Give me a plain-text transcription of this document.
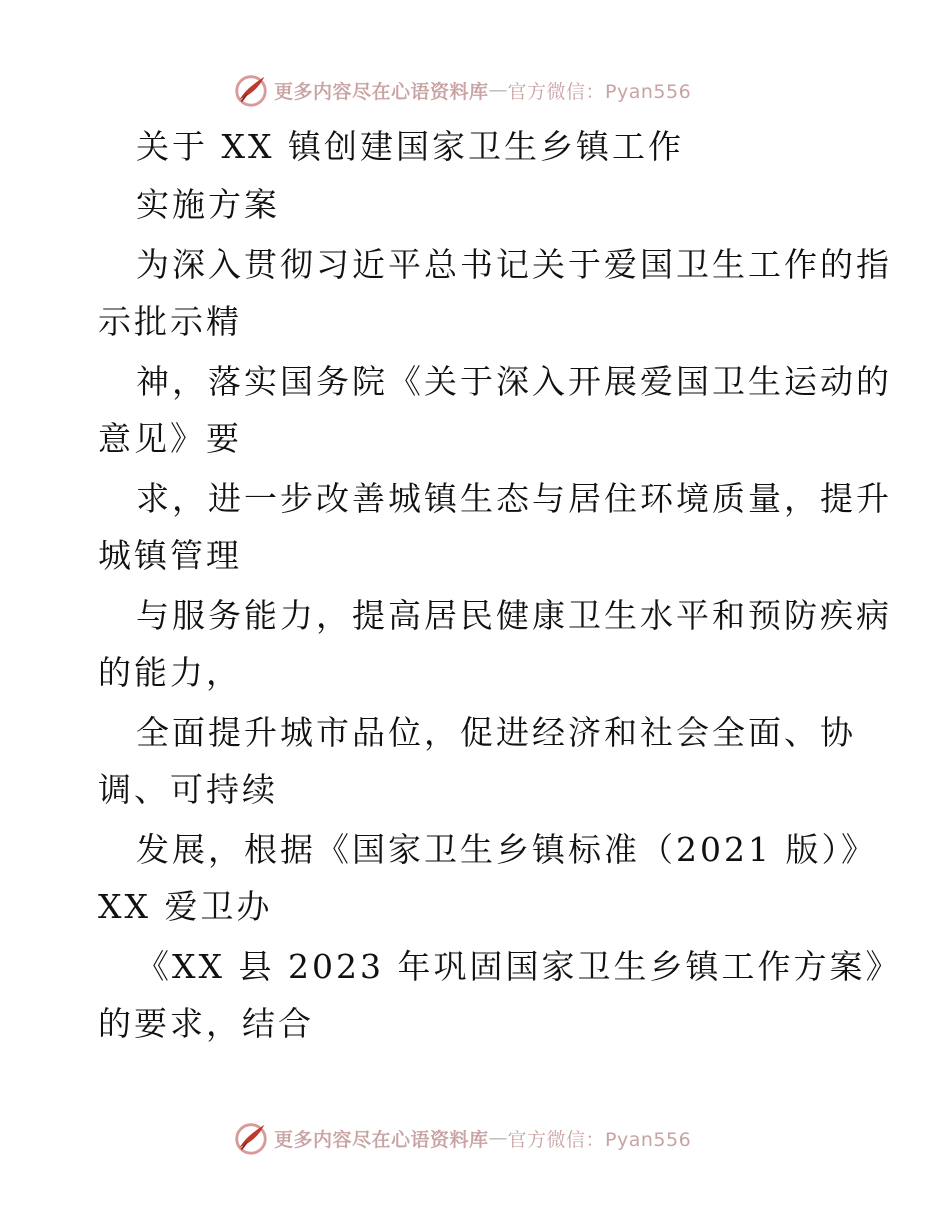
更多内容尽在心语资料库 — 官方微信：Pyan556
关于 XX 镇创建国家卫生乡镇工作
实施方案
为深入贯彻习近平总书记关于爱国卫生工作的指
示批示精
神，落实国务院《关于深入开展爱国卫生运动的
意见》要
求，进一步改善城镇生态与居住环境质量，提升
城镇管理
与服务能力，提高居民健康卫生水平和预防疾病
的能力，
全面提升城市品位，促进经济和社会全面、协
调、可持续
发展，根据《国家卫生乡镇标准（2021 版）》
XX 爱卫办
《XX 县 2023 年巩固国家卫生乡镇工作方案》
的要求，结合
更多内容尽在心语资料库 — 官方微信：Pyan556
